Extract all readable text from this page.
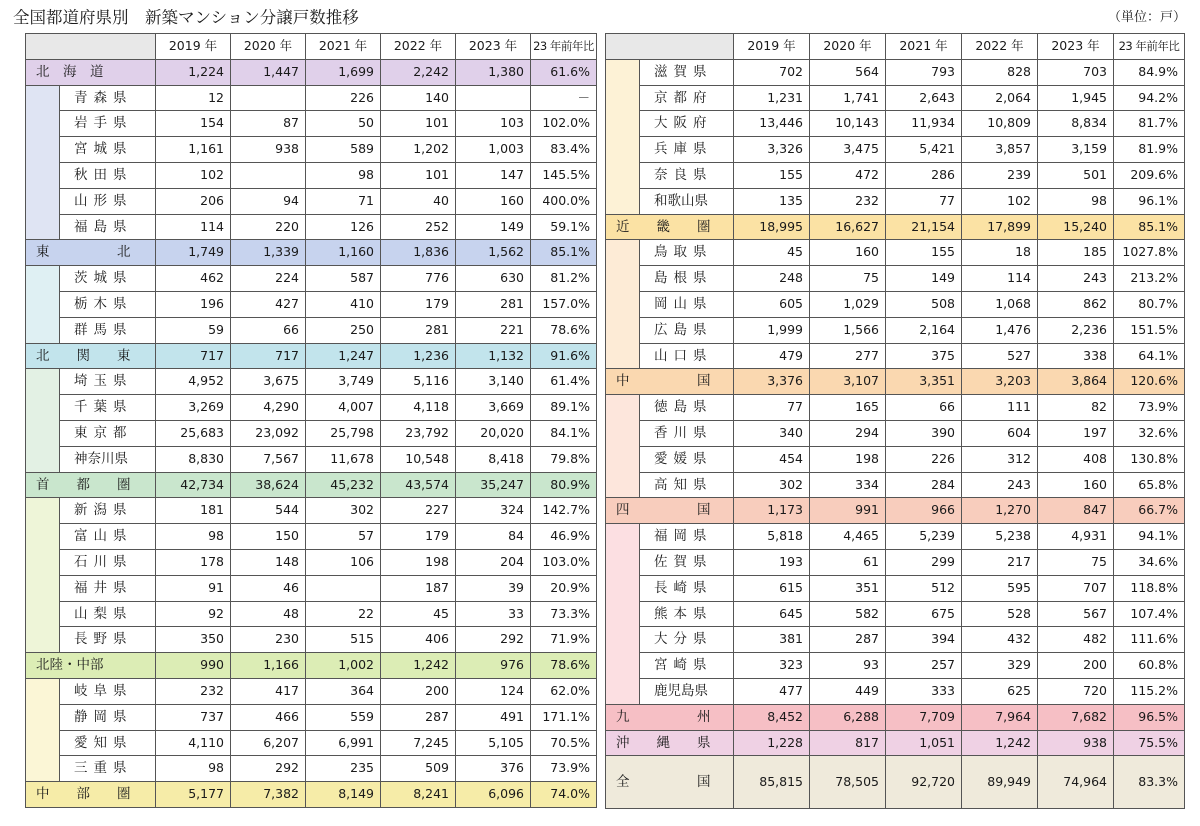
全国都道府県別　新築マンション分譲戸数推移	（単位：戸）
		2019 年	2020 年	2021 年	2022 年	2023 年	23 年前年比
北　海　道		1,224	1,447	1,699	2,242	1,380	61.6%
	青森県	12		226	140		－
	岩手県	154	87	50	101	103	102.0%
	宮城県	1,161	938	589	1,202	1,003	83.4%
	秋田県	102		98	101	147	145.5%
	山形県	206	94	71	40	160	400.0%
	福島県	114	220	126	252	149	59.1%
東　　　　　北		1,749	1,339	1,160	1,836	1,562	85.1%
	茨城県	462	224	587	776	630	81.2%
	栃木県	196	427	410	179	281	157.0%
	群馬県	59	66	250	281	221	78.6%
北　　関　　東		717	717	1,247	1,236	1,132	91.6%
	埼玉県	4,952	3,675	3,749	5,116	3,140	61.4%
	千葉県	3,269	4,290	4,007	4,118	3,669	89.1%
	東京都	25,683	23,092	25,798	23,792	20,020	84.1%
	神奈川県	8,830	7,567	11,678	10,548	8,418	79.8%
首　　都　　圏		42,734	38,624	45,232	43,574	35,247	80.9%
	新潟県	181	544	302	227	324	142.7%
	富山県	98	150	57	179	84	46.9%
	石川県	178	148	106	198	204	103.0%
	福井県	91	46		187	39	20.9%
	山梨県	92	48	22	45	33	73.3%
	長野県	350	230	515	406	292	71.9%
北陸・中部		990	1,166	1,002	1,242	976	78.6%
	岐阜県	232	417	364	200	124	62.0%
	静岡県	737	466	559	287	491	171.1%
	愛知県	4,110	6,207	6,991	7,245	5,105	70.5%
	三重県	98	292	235	509	376	73.9%
中　　部　　圏		5,177	7,382	8,149	8,241	6,096	74.0%
		2019 年	2020 年	2021 年	2022 年	2023 年	23 年前年比
	滋賀県	702	564	793	828	703	84.9%
	京都府	1,231	1,741	2,643	2,064	1,945	94.2%
	大阪府	13,446	10,143	11,934	10,809	8,834	81.7%
	兵庫県	3,326	3,475	5,421	3,857	3,159	81.9%
	奈良県	155	472	286	239	501	209.6%
	和歌山県	135	232	77	102	98	96.1%
近　　畿　　圏		18,995	16,627	21,154	17,899	15,240	85.1%
	鳥取県	45	160	155	18	185	1027.8%
	島根県	248	75	149	114	243	213.2%
	岡山県	605	1,029	508	1,068	862	80.7%
	広島県	1,999	1,566	2,164	1,476	2,236	151.5%
	山口県	479	277	375	527	338	64.1%
中　　　　　国		3,376	3,107	3,351	3,203	3,864	120.6%
	徳島県	77	165	66	111	82	73.9%
	香川県	340	294	390	604	197	32.6%
	愛媛県	454	198	226	312	408	130.8%
	高知県	302	334	284	243	160	65.8%
四　　　　　国		1,173	991	966	1,270	847	66.7%
	福岡県	5,818	4,465	5,239	5,238	4,931	94.1%
	佐賀県	193	61	299	217	75	34.6%
	長崎県	615	351	512	595	707	118.8%
	熊本県	645	582	675	528	567	107.4%
	大分県	381	287	394	432	482	111.6%
	宮崎県	323	93	257	329	200	60.8%
	鹿児島県	477	449	333	625	720	115.2%
九　　　　　州		8,452	6,288	7,709	7,964	7,682	96.5%
沖　　縄　　県		1,228	817	1,051	1,242	938	75.5%
全　　　　　国		85,815	78,505	92,720	89,949	74,964	83.3%
